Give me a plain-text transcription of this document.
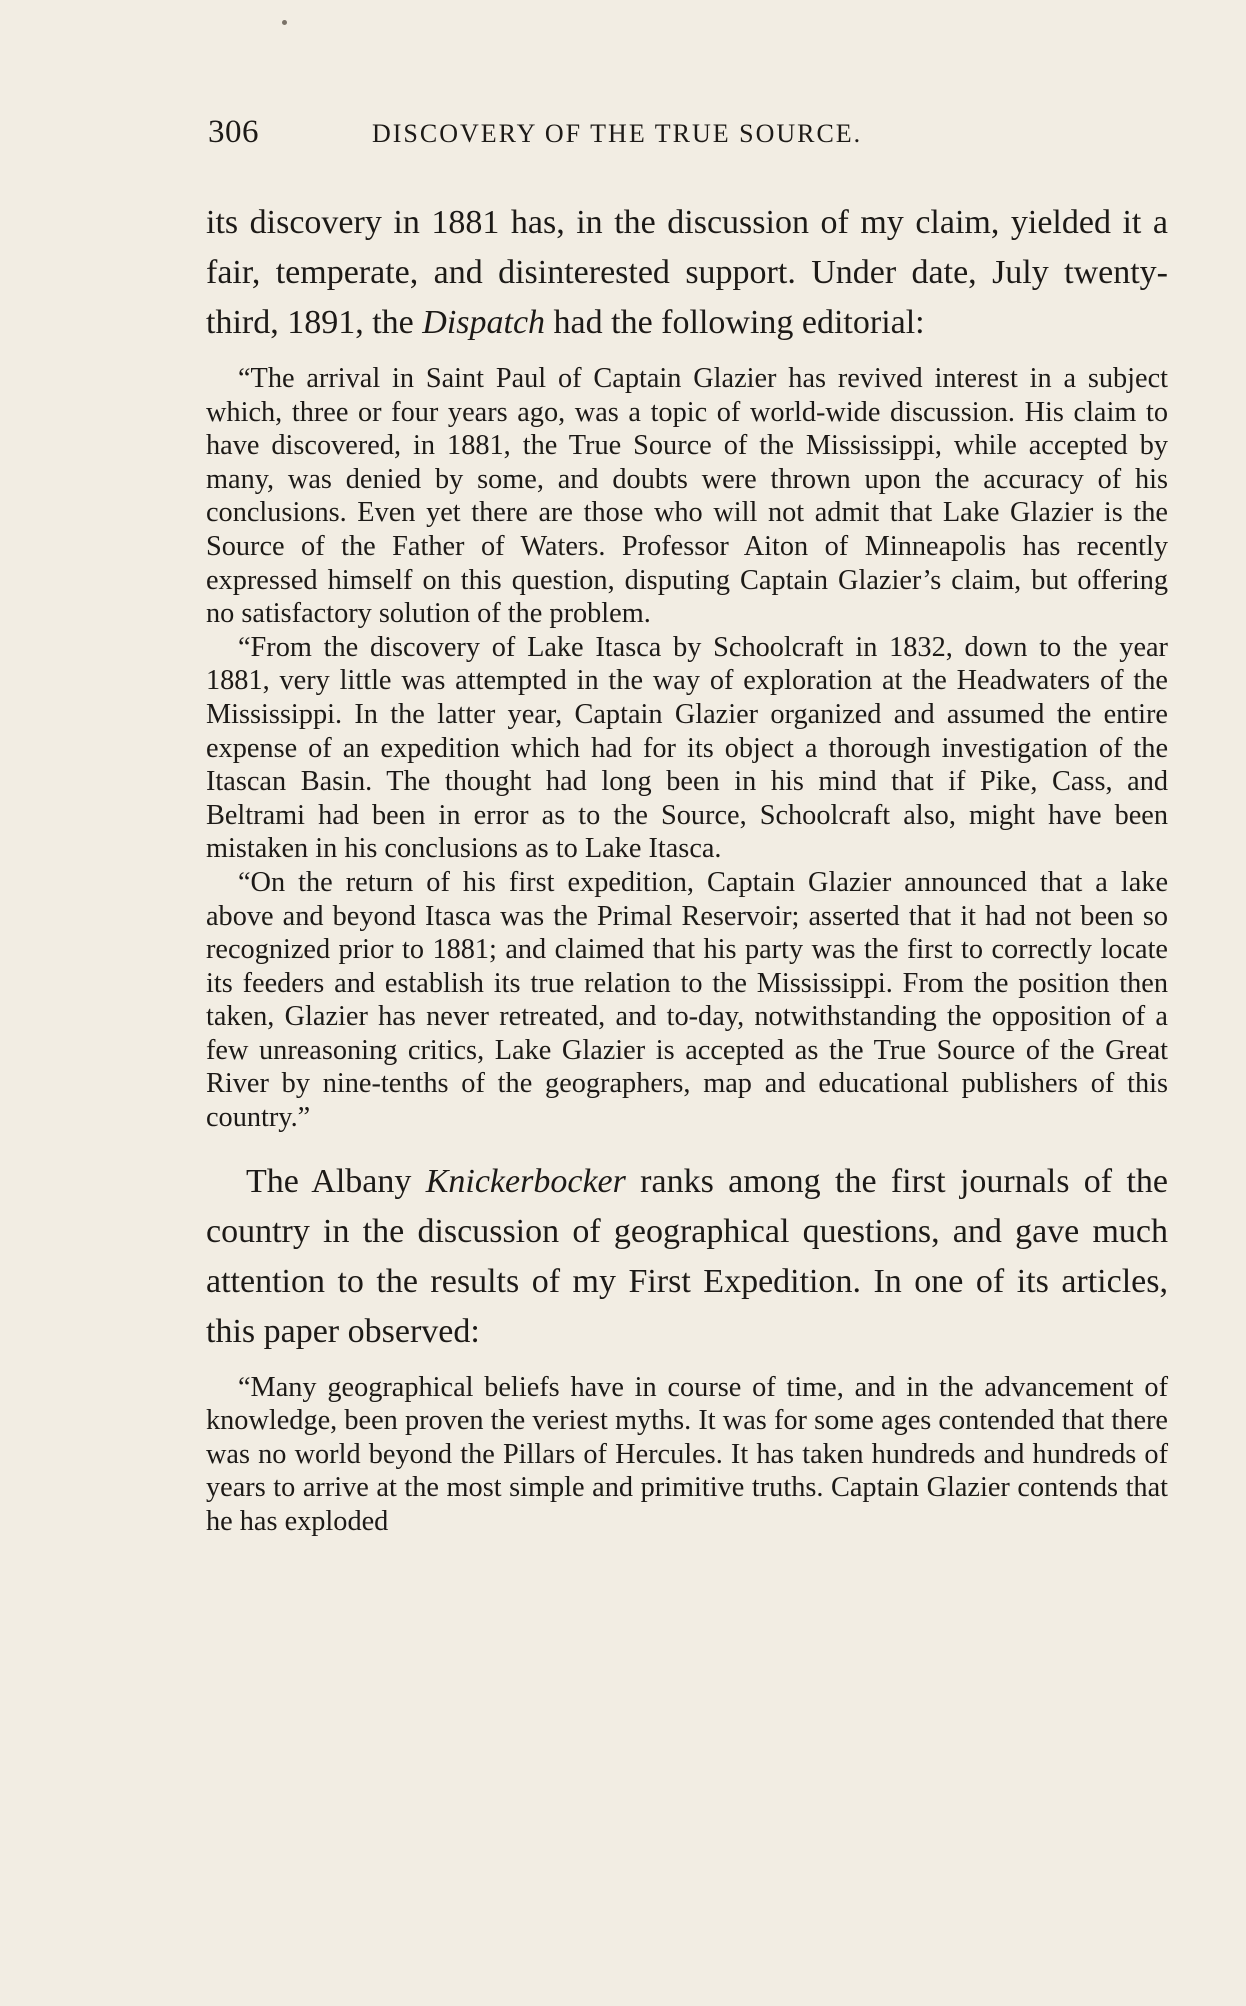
306	DISCOVERY OF THE TRUE SOURCE.

its discovery in 1881 has, in the discussion of my claim, yielded it a fair, temperate, and disinterested support. Under date, July twenty-third, 1891, the Dispatch had the following editorial:

“The arrival in Saint Paul of Captain Glazier has revived interest in a subject which, three or four years ago, was a topic of world-wide discussion. His claim to have discovered, in 1881, the True Source of the Mississippi, while accepted by many, was denied by some, and doubts were thrown upon the accuracy of his conclusions. Even yet there are those who will not admit that Lake Glazier is the Source of the Father of Waters. Professor Aiton of Minneapolis has recently expressed himself on this question, disputing Captain Glazier’s claim, but offering no satisfactory solution of the problem.

“From the discovery of Lake Itasca by Schoolcraft in 1832, down to the year 1881, very little was attempted in the way of exploration at the Headwaters of the Mississippi. In the latter year, Captain Glazier organized and assumed the entire expense of an expedition which had for its object a thorough investigation of the Itascan Basin. The thought had long been in his mind that if Pike, Cass, and Beltrami had been in error as to the Source, Schoolcraft also, might have been mistaken in his conclusions as to Lake Itasca.

“On the return of his first expedition, Captain Glazier announced that a lake above and beyond Itasca was the Primal Reservoir; asserted that it had not been so recognized prior to 1881; and claimed that his party was the first to correctly locate its feeders and establish its true relation to the Mississippi. From the position then taken, Glazier has never retreated, and to-day, notwithstanding the opposition of a few unreasoning critics, Lake Glazier is accepted as the True Source of the Great River by nine-tenths of the geographers, map and educational publishers of this country.”

The Albany Knickerbocker ranks among the first journals of the country in the discussion of geographical questions, and gave much attention to the results of my First Expedition. In one of its articles, this paper observed:

“Many geographical beliefs have in course of time, and in the advancement of knowledge, been proven the veriest myths. It was for some ages contended that there was no world beyond the Pillars of Hercules. It has taken hundreds and hundreds of years to arrive at the most simple and primitive truths. Captain Glazier contends that he has exploded
